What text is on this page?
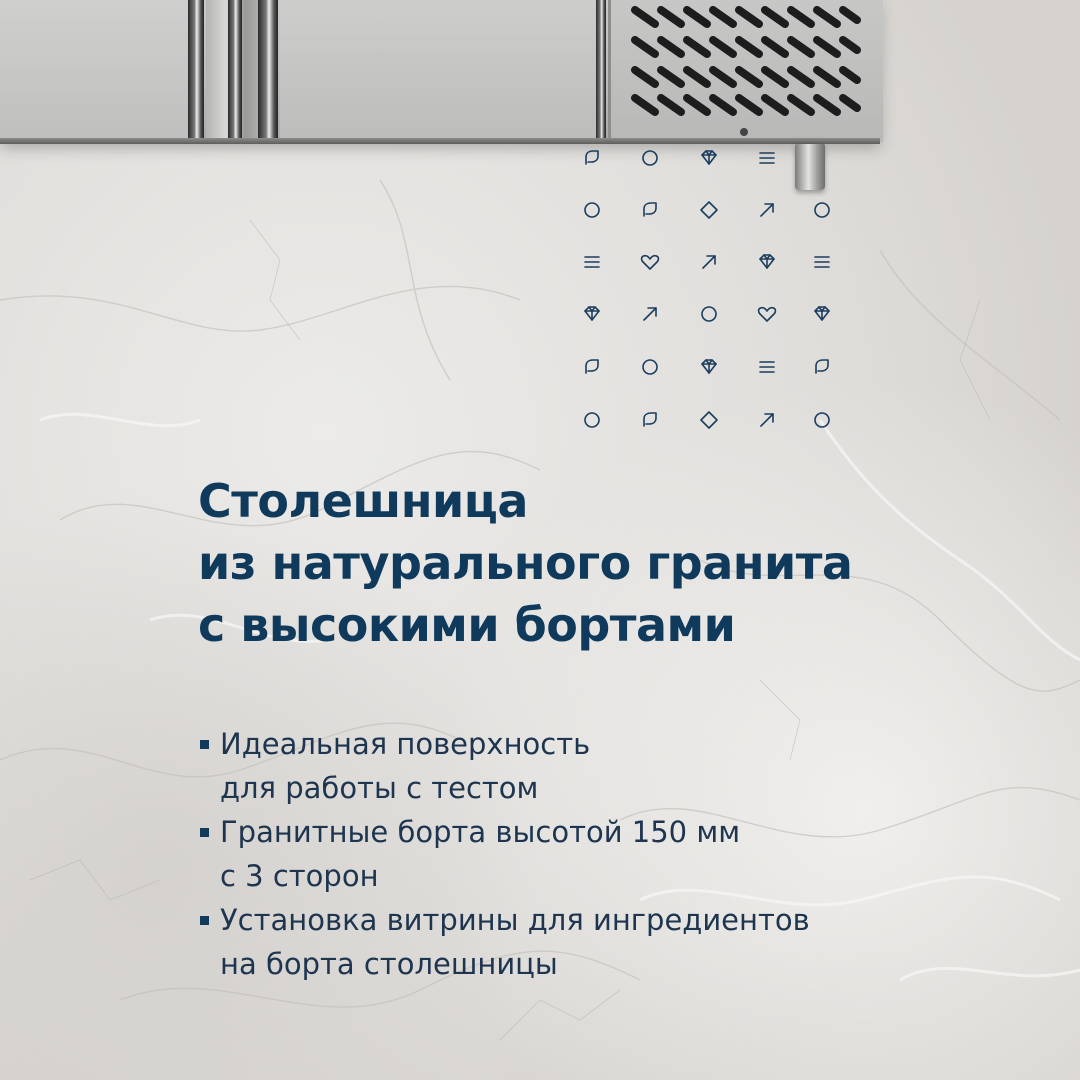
Столешница
из натурального гранита
с высокими бортами
Идеальная поверхность
для работы с тестом
Гранитные борта высотой 150 мм
с 3 сторон
Установка витрины для ингредиентов
на борта столешницы
